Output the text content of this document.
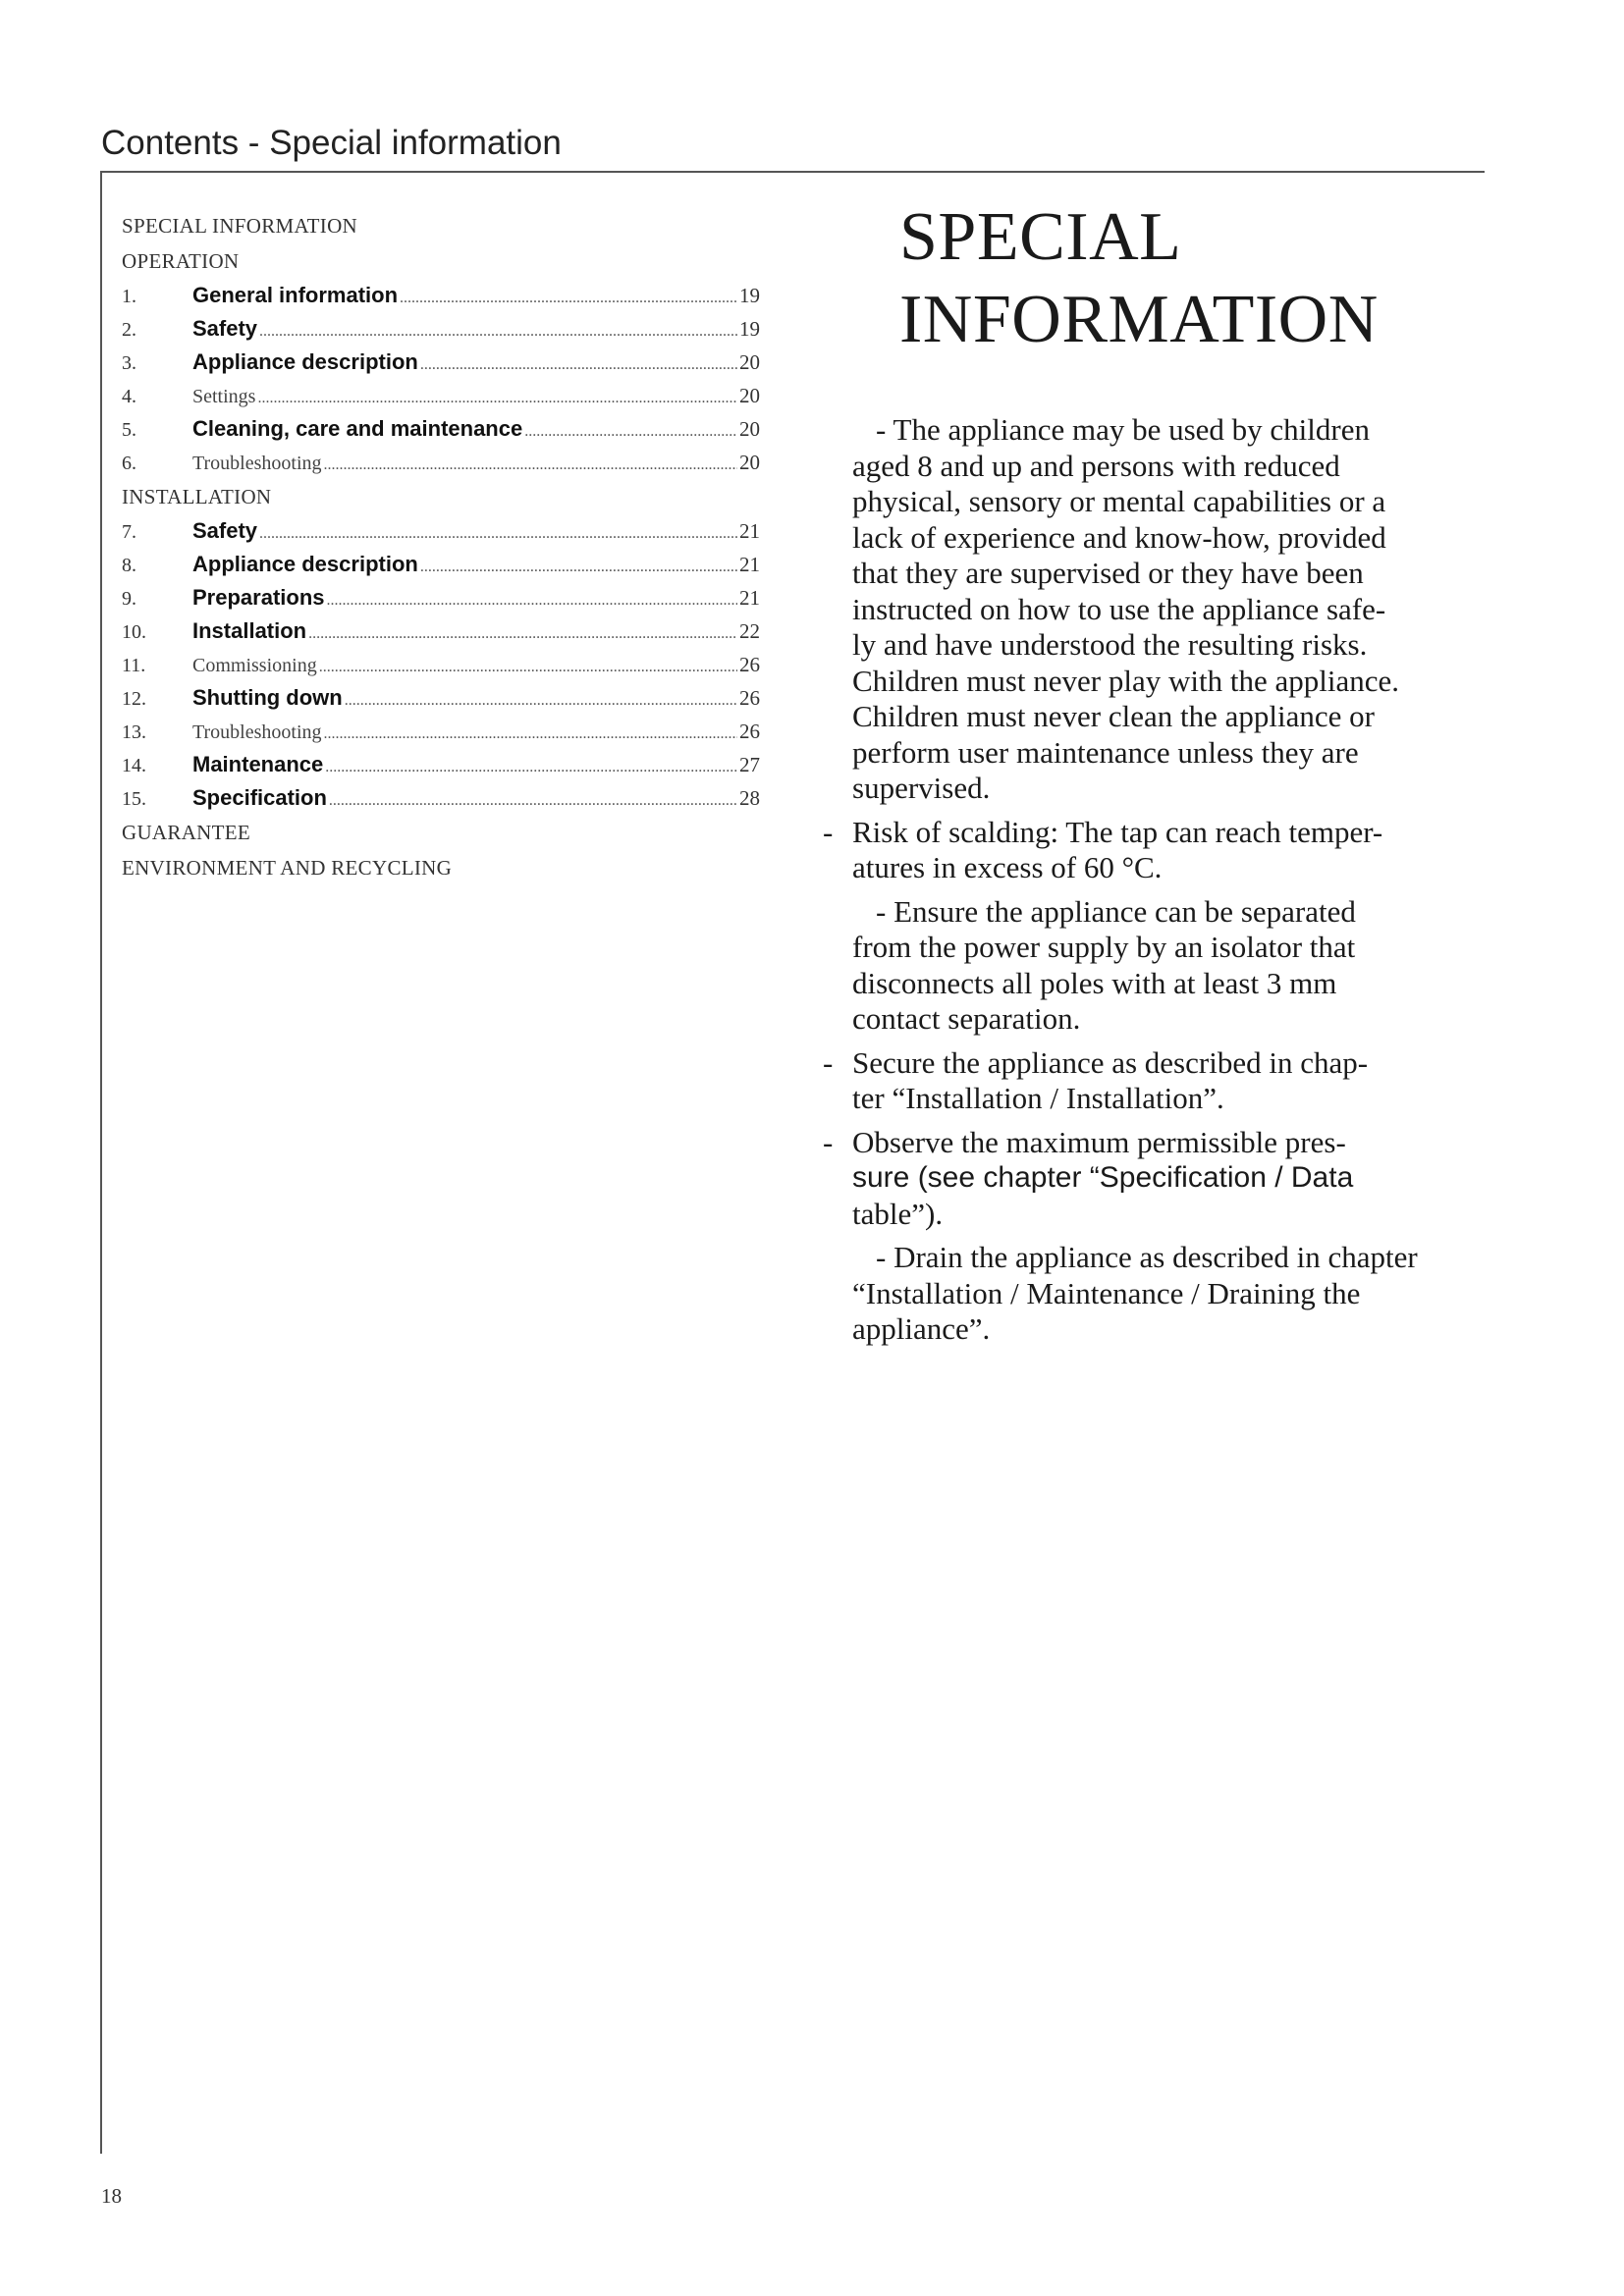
Contents - Special information
SPECIAL INFORMATION
OPERATION
1.	General information .....	19
2.	Safety .....	19
3.	Appliance description .....	20
4.	Settings .....	20
5.	Cleaning, care and maintenance .....	20
6.	Troubleshooting .....	20
INSTALLATION
7.	Safety .....	21
8.	Appliance description .....	21
9.	Preparations .....	21
10.	Installation .....	22
11.	Commissioning .....	26
12.	Shutting down .....	26
13.	Troubleshooting .....	26
14.	Maintenance .....	27
15.	Specification .....	28
GUARANTEE
ENVIRONMENT AND RECYCLING
SPECIAL
INFORMATION
- The appliance may be used by children
aged 8 and up and persons with reduced
physical, sensory or mental capabilities or a
lack of experience and know-how, provided
that they are supervised or they have been
instructed on how to use the appliance safe-
ly and have understood the resulting risks.
Children must never play with the appliance.
Children must never clean the appliance or
perform user maintenance unless they are
supervised.
- Risk of scalding: The tap can reach temper-
atures in excess of 60 °C.
- Ensure the appliance can be separated
from the power supply by an isolator that
disconnects all poles with at least 3 mm
contact separation.
- Secure the appliance as described in chap-
ter “Installation / Installation”.
- Observe the maximum permissible pres-
sure (see chapter “Specification / Data
table”).
- Drain the appliance as described in chapter
“Installation / Maintenance / Draining the
appliance”.
18
